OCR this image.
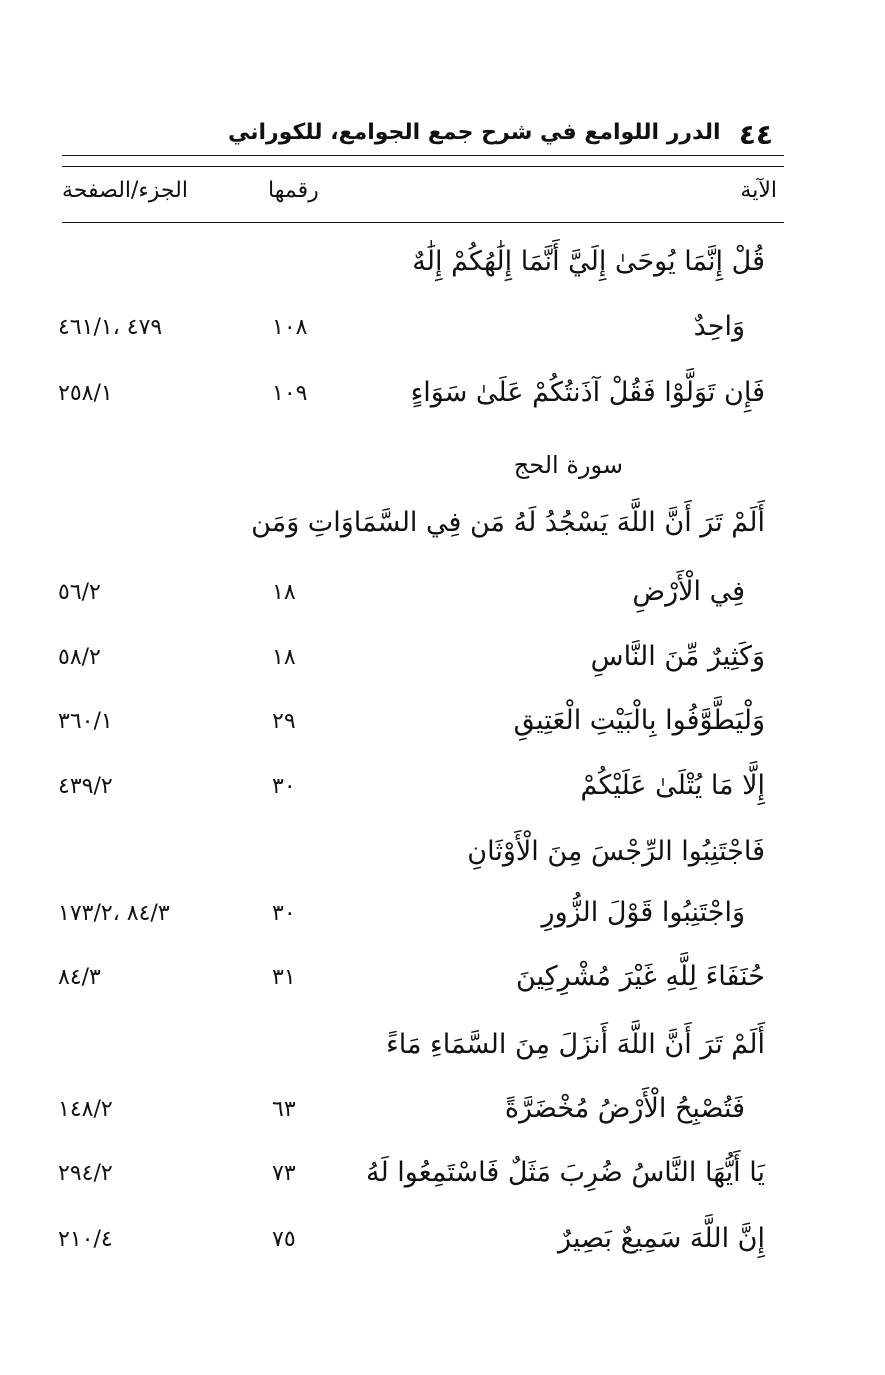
٤٤
الدرر اللوامع في شرح جمع الجوامع، للكوراني
الآية
رقمها
الجزء/الصفحة
قُلْ إِنَّمَا يُوحَىٰ إِلَيَّ أَنَّمَا إِلَٰهُكُمْ إِلَٰهٌ
وَاحِدٌ
١٠٨
٤٧٩ ،٤٦١/١
فَإِن تَوَلَّوْا فَقُلْ آذَنتُكُمْ عَلَىٰ سَوَاءٍ
١٠٩
٢٥٨/١
سورة الحج
أَلَمْ تَرَ أَنَّ اللَّهَ يَسْجُدُ لَهُ مَن فِي السَّمَاوَاتِ وَمَن
فِي الْأَرْضِ
١٨
٥٦/٢
وَكَثِيرٌ مِّنَ النَّاسِ
١٨
٥٨/٢
وَلْيَطَّوَّفُوا بِالْبَيْتِ الْعَتِيقِ
٢٩
٣٦٠/١
إِلَّا مَا يُتْلَىٰ عَلَيْكُمْ
٣٠
٤٣٩/٢
فَاجْتَنِبُوا الرِّجْسَ مِنَ الْأَوْثَانِ
وَاجْتَنِبُوا قَوْلَ الزُّورِ
٣٠
٨٤/٣ ،١٧٣/٢
حُنَفَاءَ لِلَّهِ غَيْرَ مُشْرِكِينَ
٣١
٨٤/٣
أَلَمْ تَرَ أَنَّ اللَّهَ أَنزَلَ مِنَ السَّمَاءِ مَاءً
فَتُصْبِحُ الْأَرْضُ مُخْضَرَّةً
٦٣
١٤٨/٢
يَا أَيُّهَا النَّاسُ ضُرِبَ مَثَلٌ فَاسْتَمِعُوا لَهُ
٧٣
٢٩٤/٢
إِنَّ اللَّهَ سَمِيعٌ بَصِيرٌ
٧٥
٢١٠/٤
